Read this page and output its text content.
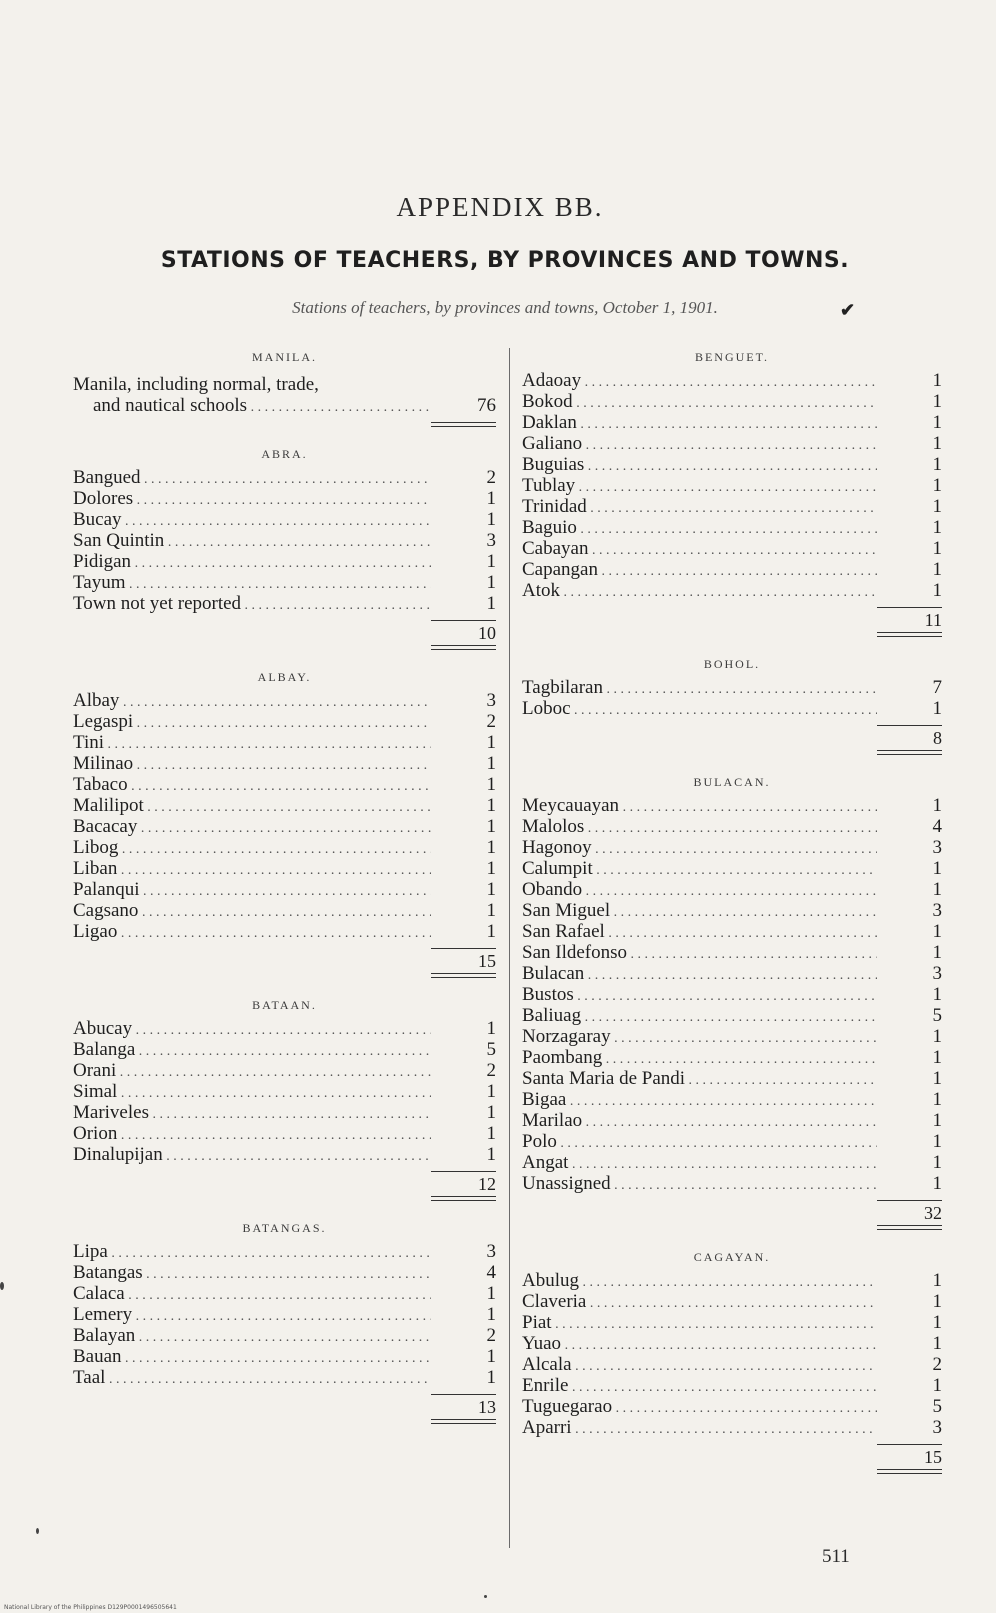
APPENDIX BB.
STATIONS OF TEACHERS, BY PROVINCES AND TOWNS.
Stations of teachers, by provinces and towns, October 1, 1901.	✔
MANILA.
Manila, including normal, trade,
and nautical schools . . .	76
ABRA.
Bangued . . .	2
Dolores . . .	1
Bucay . . .	1
San Quintin . . .	3
Pidigan . . .	1
Tayum . . .	1
Town not yet reported . . .	1
10
ALBAY.
Albay . . .	3
Legaspi . . .	2
Tini . . .	1
Milinao . . .	1
Tabaco . . .	1
Malilipot . . .	1
Bacacay . . .	1
Libog . . .	1
Liban . . .	1
Palanqui . . .	1
Cagsano . . .	1
Ligao . . .	1
15
BATAAN.
Abucay . . .	1
Balanga . . .	5
Orani . . .	2
Simal . . .	1
Mariveles . . .	1
Orion . . .	1
Dinalupijan . . .	1
12
BATANGAS.
Lipa . . .	3
Batangas . . .	4
Calaca . . .	1
Lemery . . .	1
Balayan . . .	2
Bauan . . .	1
Taal . . .	1
13
BENGUET.
Adaoay . . .	1
Bokod . . .	1
Daklan . . .	1
Galiano . . .	1
Buguias . . .	1
Tublay . . .	1
Trinidad . . .	1
Baguio . . .	1
Cabayan . . .	1
Capangan . . .	1
Atok . . .	1
11
BOHOL.
Tagbilaran . . .	7
Loboc . . .	1
8
BULACAN.
Meycauayan . . .	1
Malolos . . .	4
Hagonoy . . .	3
Calumpit . . .	1
Obando . . .	1
San Miguel . . .	3
San Rafael . . .	1
San Ildefonso . . .	1
Bulacan . . .	3
Bustos . . .	1
Baliuag . . .	5
Norzagaray . . .	1
Paombang . . .	1
Santa Maria de Pandi . . .	1
Bigaa . . .	1
Marilao . . .	1
Polo . . .	1
Angat . . .	1
Unassigned . . .	1
32
CAGAYAN.
Abulug . . .	1
Claveria . . .	1
Piat . . .	1
Yuao . . .	1
Alcala . . .	2
Enrile . . .	1
Tuguegarao . . .	5
Aparri . . .	3
15
511
National Library of the Philippines D129P0001496505641
